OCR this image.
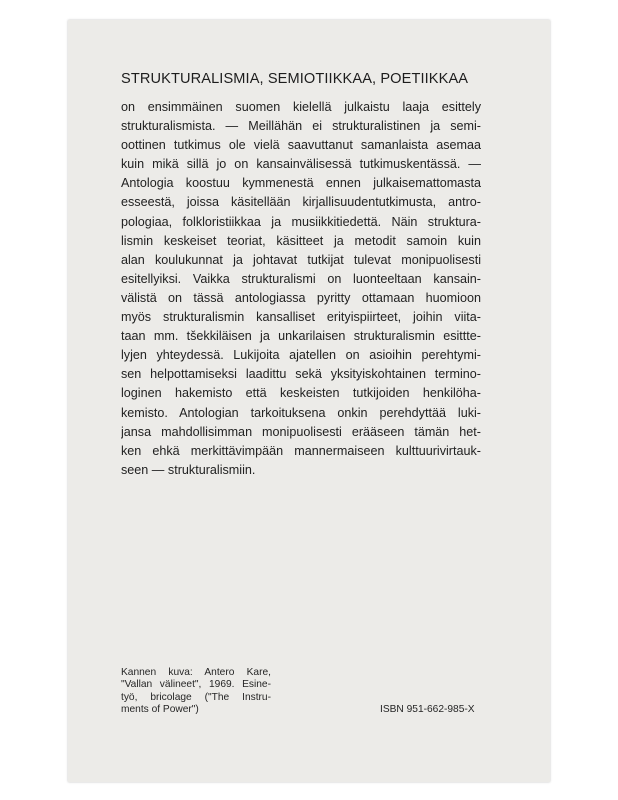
STRUKTURALISMIA, SEMIOTIIKKAA, POETIIKKAA
on ensimmäinen suomen kielellä julkaistu laaja esittely
strukturalismista. — Meillähän ei strukturalistinen ja semi-
oottinen tutkimus ole vielä saavuttanut samanlaista asemaa
kuin mikä sillä jo on kansainvälisessä tutkimuskentässä. —
Antologia koostuu kymmenestä ennen julkaisemattomasta
esseestä, joissa käsitellään kirjallisuudentutkimusta, antro-
pologiaa, folkloristiikkaa ja musiikkitiedettä. Näin struktura-
lismin keskeiset teoriat, käsitteet ja metodit samoin kuin
alan koulukunnat ja johtavat tutkijat tulevat monipuolisesti
esitellyiksi. Vaikka strukturalismi on luonteeltaan kansain-
välistä on tässä antologiassa pyritty ottamaan huomioon
myös strukturalismin kansalliset erityispiirteet, joihin viita-
taan mm. tšekkiläisen ja unkarilaisen strukturalismin esittte-
lyjen yhteydessä. Lukijoita ajatellen on asioihin perehtymi-
sen helpottamiseksi laadittu sekä yksityiskohtainen termino-
loginen hakemisto että keskeisten tutkijoiden henkilöha-
kemisto. Antologian tarkoituksena onkin perehdyttää luki-
jansa mahdollisimman monipuolisesti erääseen tämän het-
ken ehkä merkittävimpään mannermaiseen kulttuurivirtauk-
seen — strukturalismiin.
Kannen kuva: Antero Kare,
"Vallan välineet", 1969. Esine-
työ, bricolage ("The Instru-
ments of Power")	ISBN 951-662-985-X
